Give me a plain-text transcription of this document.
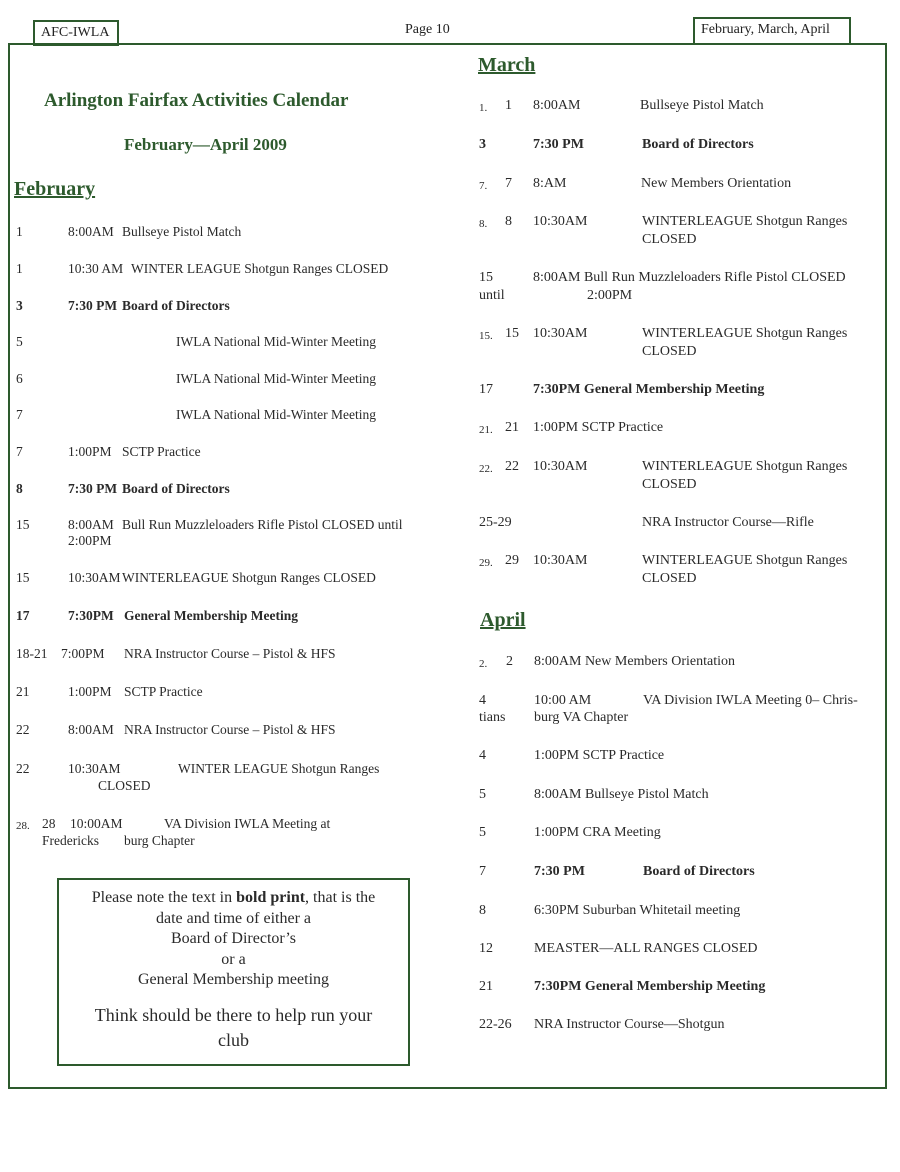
AFC-IWLA	Page 10	February, March, April
Arlington Fairfax Activities Calendar
February—April 2009
February
1	8:00AM Bullseye Pistol Match
1	10:30 AM WINTER LEAGUE Shotgun Ranges CLOSED
3	7:30 PM Board of Directors
5	IWLA National Mid-Winter Meeting
6	IWLA National Mid-Winter Meeting
7	IWLA National Mid-Winter Meeting
7	1:00PM SCTP Practice
8	7:30 PM Board of Directors
15	8:00AM Bull Run Muzzleloaders Rifle Pistol CLOSED until
2:00PM
15	10:30AM WINTERLEAGUE Shotgun Ranges CLOSED
17	7:30PM General Membership Meeting
18-21 7:00PM NRA Instructor Course – Pistol & HFS
21	1:00PM SCTP Practice
22	8:00AM NRA Instructor Course – Pistol & HFS
22	10:30AM	WINTER LEAGUE Shotgun Ranges
CLOSED
28. 28 10:00AM	VA Division IWLA Meeting at
Fredericks burg Chapter
Please note the text in bold print, that is the
date and time of either a
Board of Director’s
or a
General Membership meeting
Think should be there to help run your
club
March
1. 1 8:00AM	Bullseye Pistol Match
3	7:30 PM	Board of Directors
7. 7 8:AM	New Members Orientation
8. 8 10:30AM	WINTERLEAGUE Shotgun Ranges
CLOSED
15	8:00AM Bull Run Muzzleloaders Rifle Pistol CLOSED
until	2:00PM
15. 15 10:30AM	WINTERLEAGUE Shotgun Ranges
CLOSED
17	7:30PM General Membership Meeting
21. 21 1:00PM SCTP Practice
22. 22 10:30AM	WINTERLEAGUE Shotgun Ranges
CLOSED
25-29	NRA Instructor Course—Rifle
29. 29 10:30AM	WINTERLEAGUE Shotgun Ranges
CLOSED
April
2. 2 8:00AM New Members Orientation
4	10:00 AM	VA Division IWLA Meeting 0– Chris-
tians burg VA Chapter
4	1:00PM SCTP Practice
5	8:00AM Bullseye Pistol Match
5	1:00PM CRA Meeting
7	7:30 PM	Board of Directors
8	6:30PM Suburban Whitetail meeting
12	MEASTER—ALL RANGES CLOSED
21	7:30PM General Membership Meeting
22-26 NRA Instructor Course—Shotgun
